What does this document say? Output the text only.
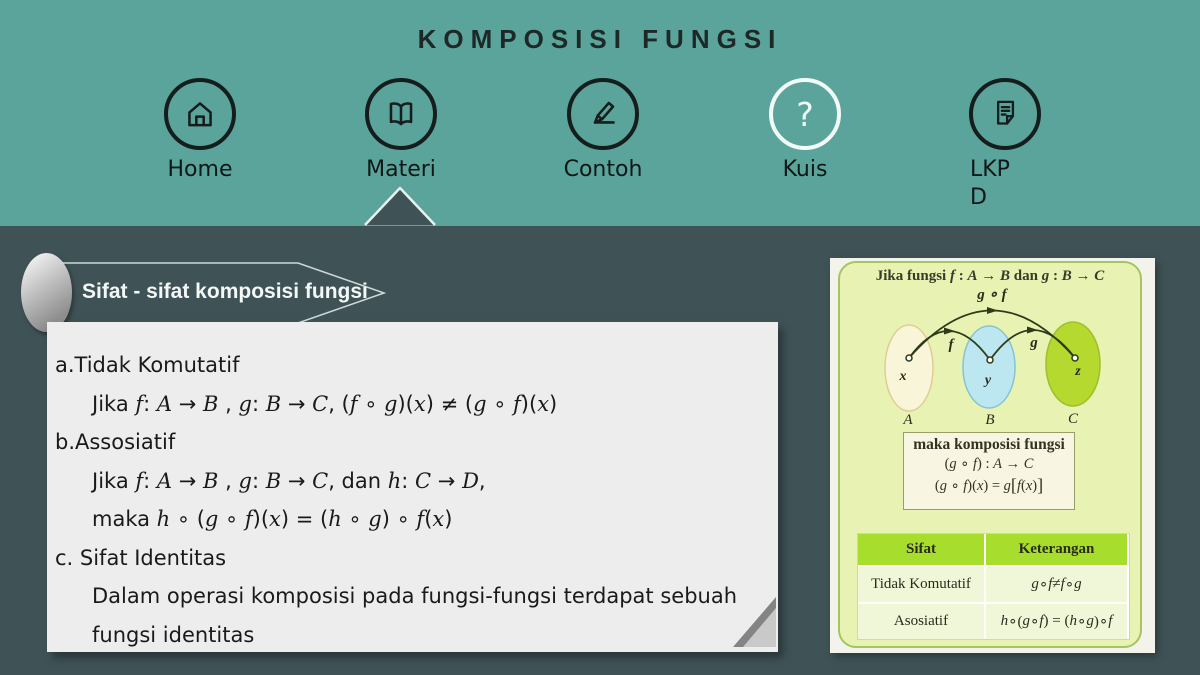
KOMPOSISI FUNGSI
Home	Materi	Contoh
?
Kuis	LKP
D
Sifat - sifat komposisi fungsi
a.Tidak Komutatif
Jika f: A → B , g: B → C, (f ∘ g)(x) ≠ (g ∘ f)(x)
b.Assosiatif
Jika f: A → B , g: B → C, dan h: C → D,
maka h ∘ (g ∘ f)(x) = (h ∘ g) ∘ f(x)
c. Sifat Identitas
Dalam operasi komposisi pada fungsi-fungsi terdapat sebuah
fungsi identitas
Jika fungsi f : A → B dan g : B → C
g ∘ f
f	g
x	y
z
A	B	C
maka komposisi fungsi
(g ∘ f) : A → C
(g ∘ f)(x) = g[f(x)]
Sifat	Keterangan
Tidak Komutatif	g ∘ f ≠ f ∘ g
Asosiatif	h ∘( g ∘ f ) = ( h ∘ g )∘ f
